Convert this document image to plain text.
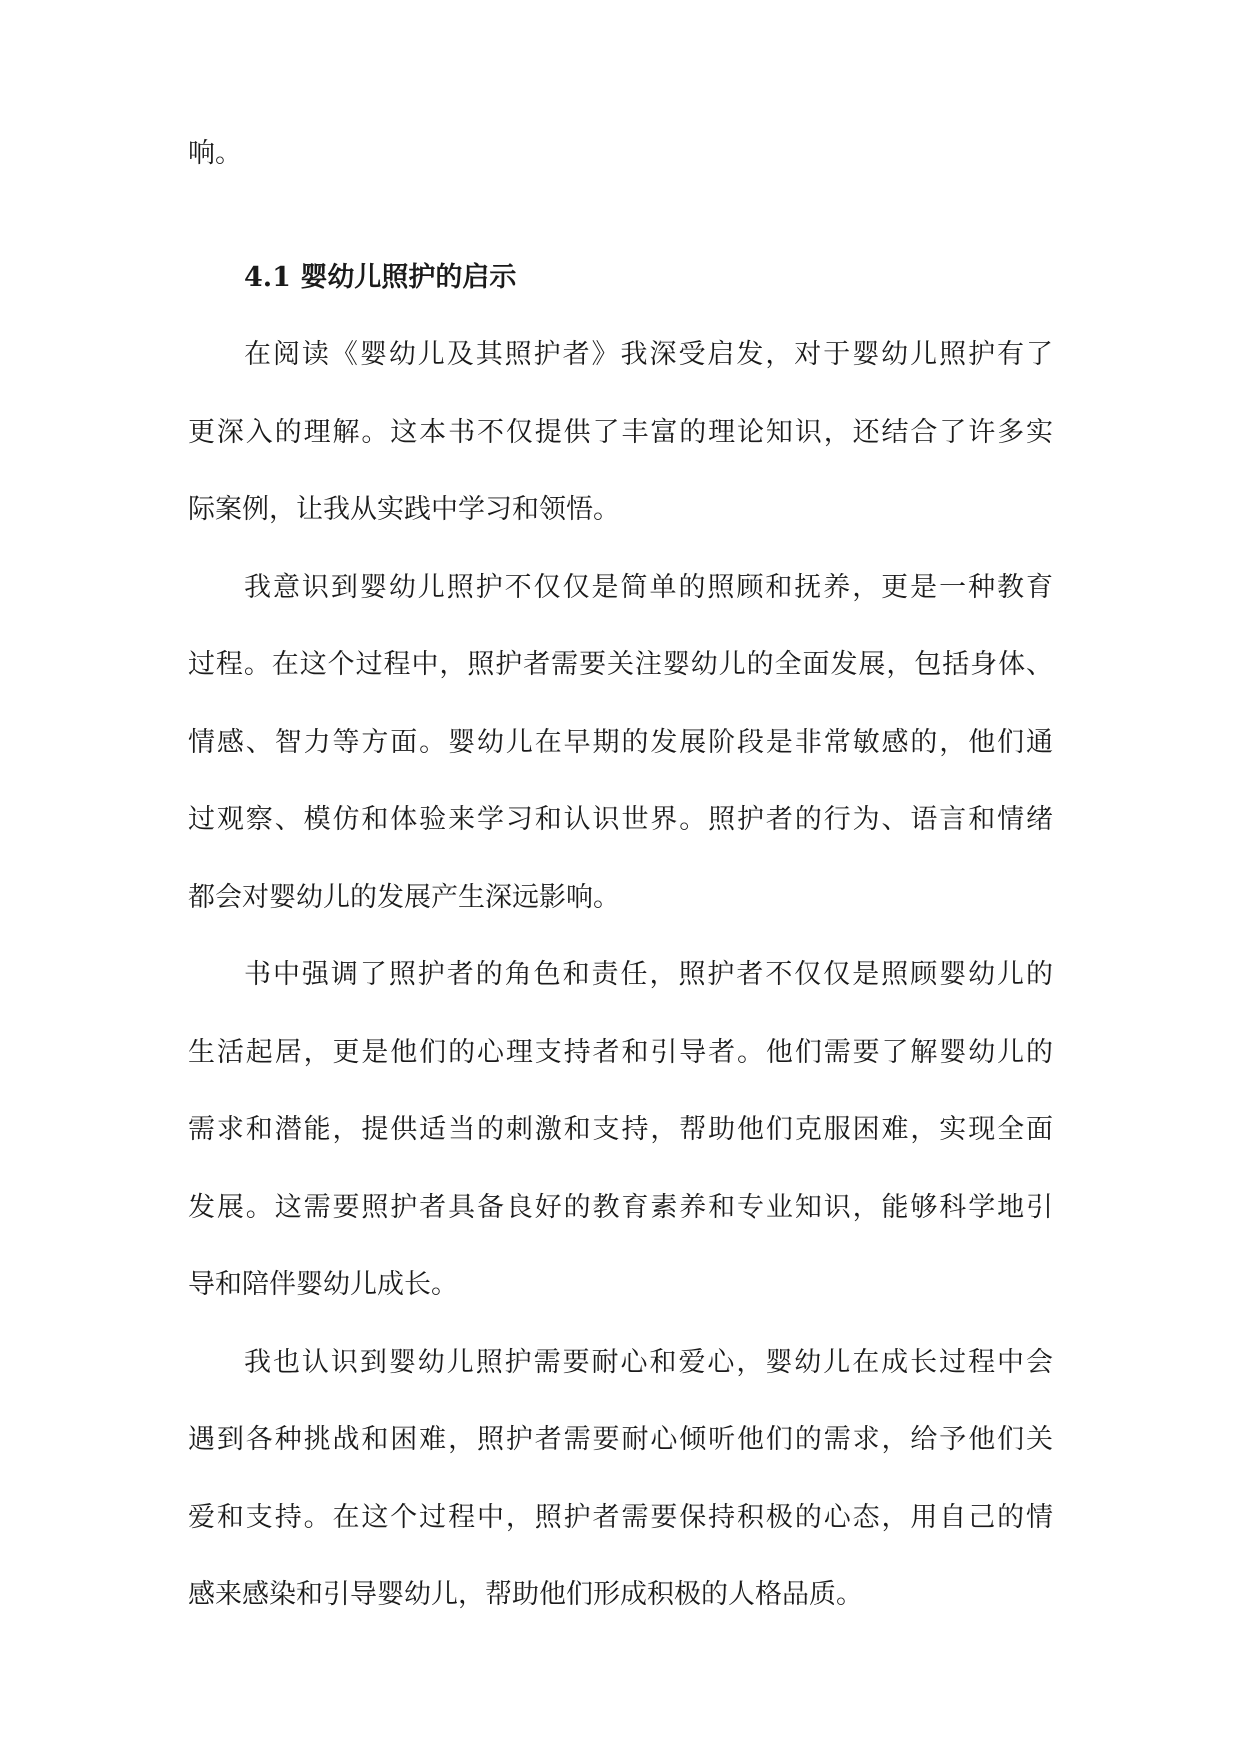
响。

4.1 婴幼儿照护的启示

在阅读《婴幼儿及其照护者》我深受启发，对于婴幼儿照护有了

更深入的理解。这本书不仅提供了丰富的理论知识，还结合了许多实

际案例，让我从实践中学习和领悟。

我意识到婴幼儿照护不仅仅是简单的照顾和抚养，更是一种教育

过程。在这个过程中，照护者需要关注婴幼儿的全面发展，包括身体、

情感、智力等方面。婴幼儿在早期的发展阶段是非常敏感的，他们通

过观察、模仿和体验来学习和认识世界。照护者的行为、语言和情绪

都会对婴幼儿的发展产生深远影响。

书中强调了照护者的角色和责任，照护者不仅仅是照顾婴幼儿的

生活起居，更是他们的心理支持者和引导者。他们需要了解婴幼儿的

需求和潜能，提供适当的刺激和支持，帮助他们克服困难，实现全面

发展。这需要照护者具备良好的教育素养和专业知识，能够科学地引

导和陪伴婴幼儿成长。

我也认识到婴幼儿照护需要耐心和爱心，婴幼儿在成长过程中会

遇到各种挑战和困难，照护者需要耐心倾听他们的需求，给予他们关

爱和支持。在这个过程中，照护者需要保持积极的心态，用自己的情

感来感染和引导婴幼儿，帮助他们形成积极的人格品质。
